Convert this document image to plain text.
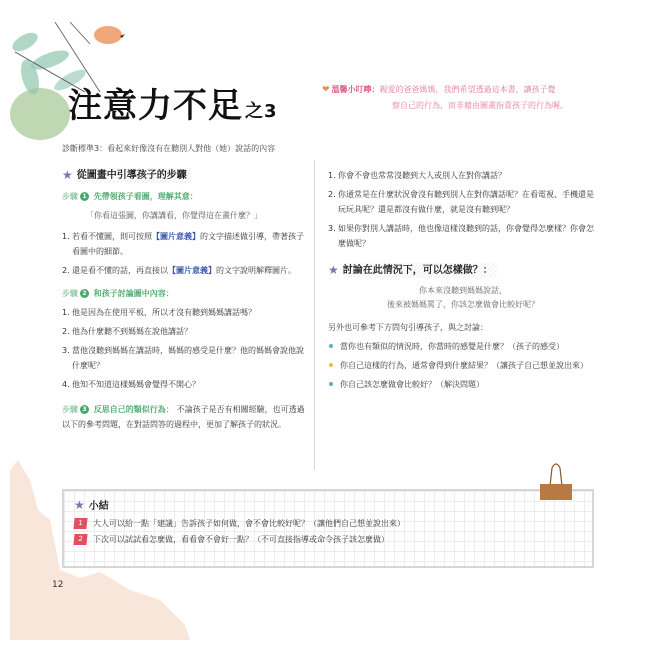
注意力不足 之3
診斷標準3：看起來好像沒有在聽別人對他（她）說話的內容
❤ 溫馨小叮嚀：親愛的爸爸媽媽，我們希望透過這本書，讓孩子覺
察自己的行為，而非藉由圖畫指責孩子的行為喔。
★ 從圖畫中引導孩子的步驟
步驟 1 先帶領孩子看圖，理解其意：
「你看這張圖，你講講看，你覺得這在畫什麼？」
1. 若看不懂圖，則可按照【圖片意義】的文字描述做引導，帶著孩子看圖中的細節。
2. 還是看不懂的話，再直接以【圖片意義】的文字說明解釋圖片。
步驟 2 和孩子討論圖中內容：
1. 他是因為在使用平板，所以才沒有聽到媽媽講話嗎？
2. 他為什麼聽不到媽媽在說他講話？
3. 當他沒聽到媽媽在講話時，媽媽的感受是什麼？他的媽媽會說他說什麼呢？
4. 他知不知道這樣媽媽會覺得不開心？
步驟 3 反思自己的類似行為： 不論孩子是否有相關經驗，也可透過以下的參考問題，在對話問答的過程中，更加了解孩子的狀況。
1. 你會不會也常常沒聽到大人或別人在對你講話？
2. 你通常是在什麼狀況會沒有聽到別人在對你講話呢？在看電視、手機還是玩玩具呢？還是都沒有做什麼，就是沒有聽到呢？
3. 如果你對別人講話時，他也像這樣沒聽到的話，你會覺得怎麼樣？你會怎麼做呢？
★ 討論在此情況下，可以怎樣做？：
你本來沒聽到媽媽說話，
後來被媽媽罵了，你該怎麼做會比較好呢？
另外也可參考下方問句引導孩子，與之討論：
當你也有類似的情況時，你當時的感覺是什麼？（孩子的感受）
你自己這樣的行為，通常會得到什麼結果？（讓孩子自己想並說出來）
你自己該怎麼做會比較好？（解決問題）
★ 小結
1	大人可以給一點「建議」告訴孩子如何做，會不會比較好呢？（讓他們自己想並說出來）
2	下次可以試試看怎麼做，看看會不會好一點？（不可直接指導或命令孩子該怎麼做）
12
